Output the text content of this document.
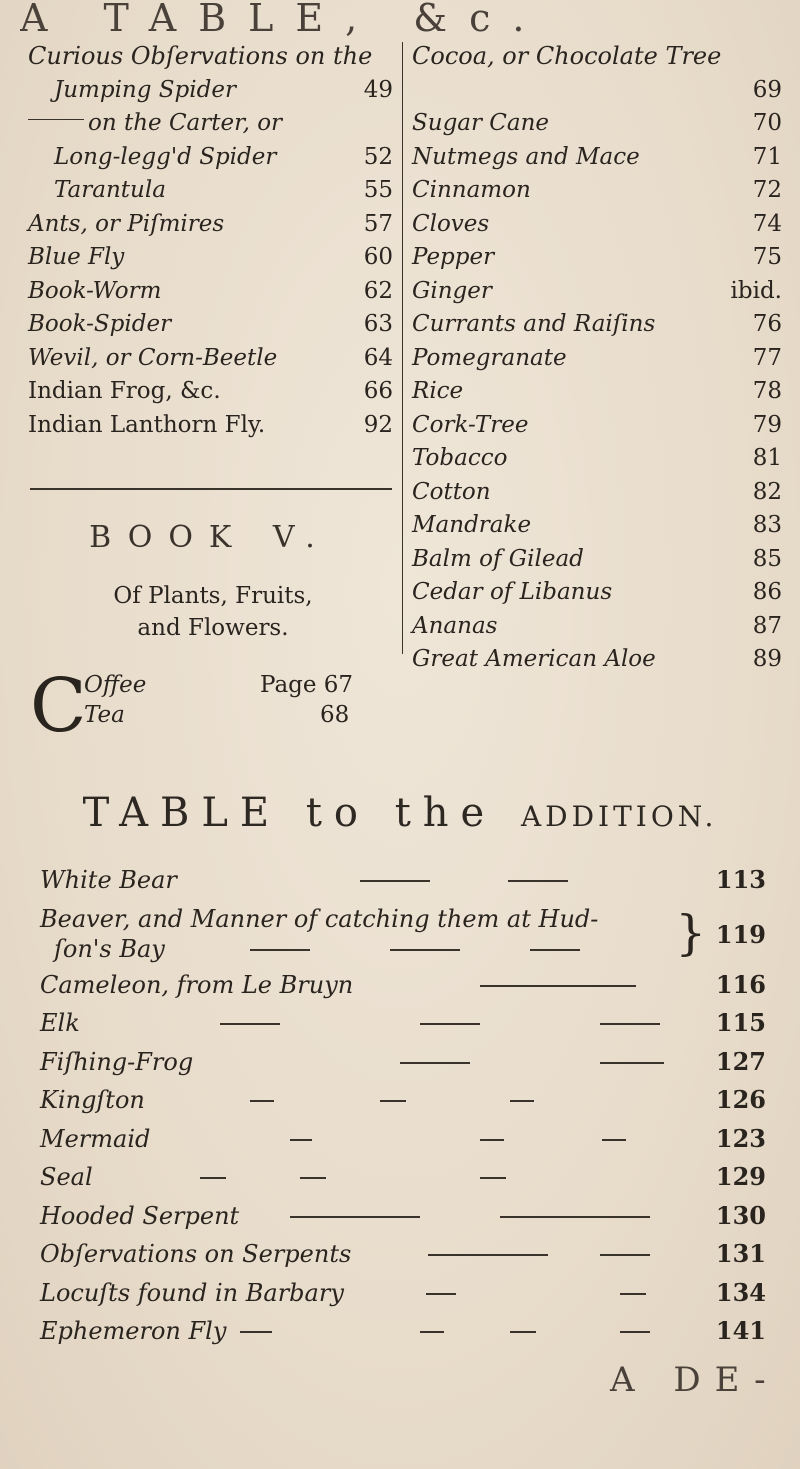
A TABLE, &c.
Curious Obſervations on the
Jumping Spider	49
on the Carter, or
Long-legg'd Spider	52
Tarantula	55
Ants, or Piſmires	57
Blue Fly	60
Book-Worm	62
Book-Spider	63
Wevil, or Corn-Beetle	64
Indian Frog, &c.	66
Indian Lanthorn Fly.	92
BOOK V.
Of Plants, Fruits,
and Flowers.
C
Offee	Page 67
Tea	68
Cocoa, or Chocolate Tree
69
Sugar Cane	70
Nutmegs and Mace	71
Cinnamon	72
Cloves	74
Pepper	75
Ginger	ibid.
Currants and Raiſins	76
Pomegranate	77
Rice	78
Cork-Tree	79
Tobacco	81
Cotton	82
Mandrake	83
Balm of Gilead	85
Cedar of Libanus	86
Ananas	87
Great American Aloe	89
TABLE to the ADDITION.
White Bear	113
Beaver, and Manner of catching them at Hud-
ſon's Bay	} 119
Cameleon, from Le Bruyn	116
Elk	115
Fiſhing-Frog	127
Kingſton	126
Mermaid	123
Seal	129
Hooded Serpent	130
Obſervations on Serpents	131
Locuſts found in Barbary	134
Ephemeron Fly	141
A DE-
